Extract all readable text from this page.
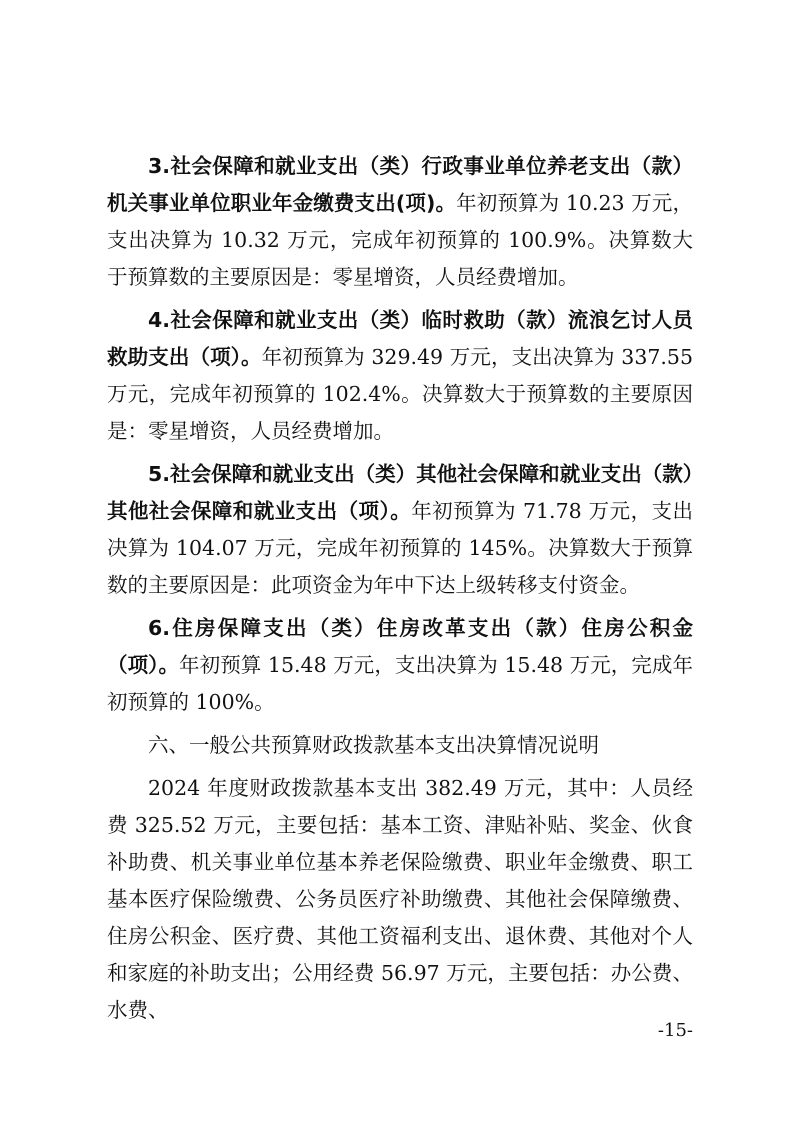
3.社会保障和就业支出（类）行政事业单位养老支出（款）机关事业单位职业年金缴费支出(项)。年初预算为 10.23 万元，支出决算为 10.32 万元，完成年初预算的 100.9%。决算数大于预算数的主要原因是：零星增资，人员经费增加。

4.社会保障和就业支出（类）临时救助（款）流浪乞讨人员救助支出（项）。年初预算为 329.49 万元，支出决算为 337.55 万元，完成年初预算的 102.4%。决算数大于预算数的主要原因是：零星增资，人员经费增加。

5.社会保障和就业支出（类）其他社会保障和就业支出（款）其他社会保障和就业支出（项）。年初预算为 71.78 万元，支出决算为 104.07 万元，完成年初预算的 145%。决算数大于预算数的主要原因是：此项资金为年中下达上级转移支付资金。

6.住房保障支出（类）住房改革支出（款）住房公积金（项）。年初预算 15.48 万元，支出决算为 15.48 万元，完成年初预算的 100%。

六、一般公共预算财政拨款基本支出决算情况说明

2024 年度财政拨款基本支出 382.49 万元，其中：人员经费 325.52 万元，主要包括：基本工资、津贴补贴、奖金、伙食补助费、机关事业单位基本养老保险缴费、职业年金缴费、职工基本医疗保险缴费、公务员医疗补助缴费、其他社会保障缴费、住房公积金、医疗费、其他工资福利支出、退休费、其他对个人和家庭的补助支出；公用经费 56.97 万元，主要包括：办公费、水费、

-15-
